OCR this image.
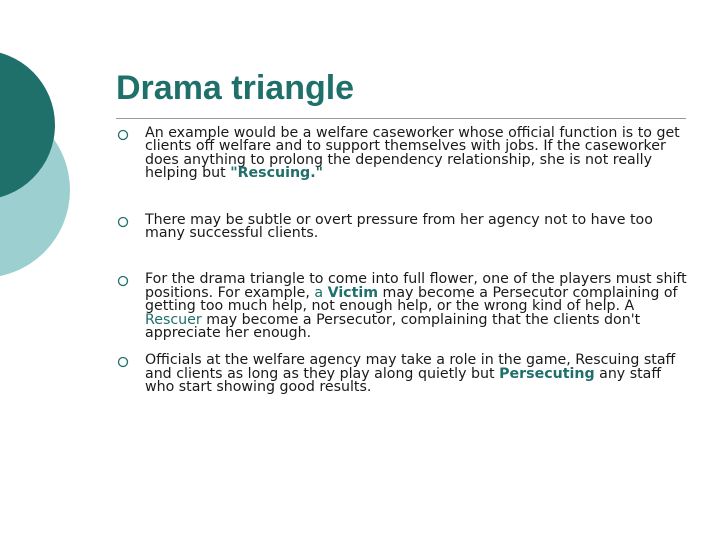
Drama triangle
An example would be a welfare caseworker whose official function is to get clients off welfare and to support themselves with jobs. If the caseworker does anything to prolong the dependency relationship, she is not really helping but "Rescuing."
There may be subtle or overt pressure from her agency not to have too many successful clients.
For the drama triangle to come into full flower, one of the players must shift positions. For example, a Victim may become a Persecutor complaining of getting too much help, not enough help, or the wrong kind of help. A Rescuer may become a Persecutor, complaining that the clients don't appreciate her enough.
Officials at the welfare agency may take a role in the game, Rescuing staff and clients as long as they play along quietly but Persecuting any staff who start showing good results.
